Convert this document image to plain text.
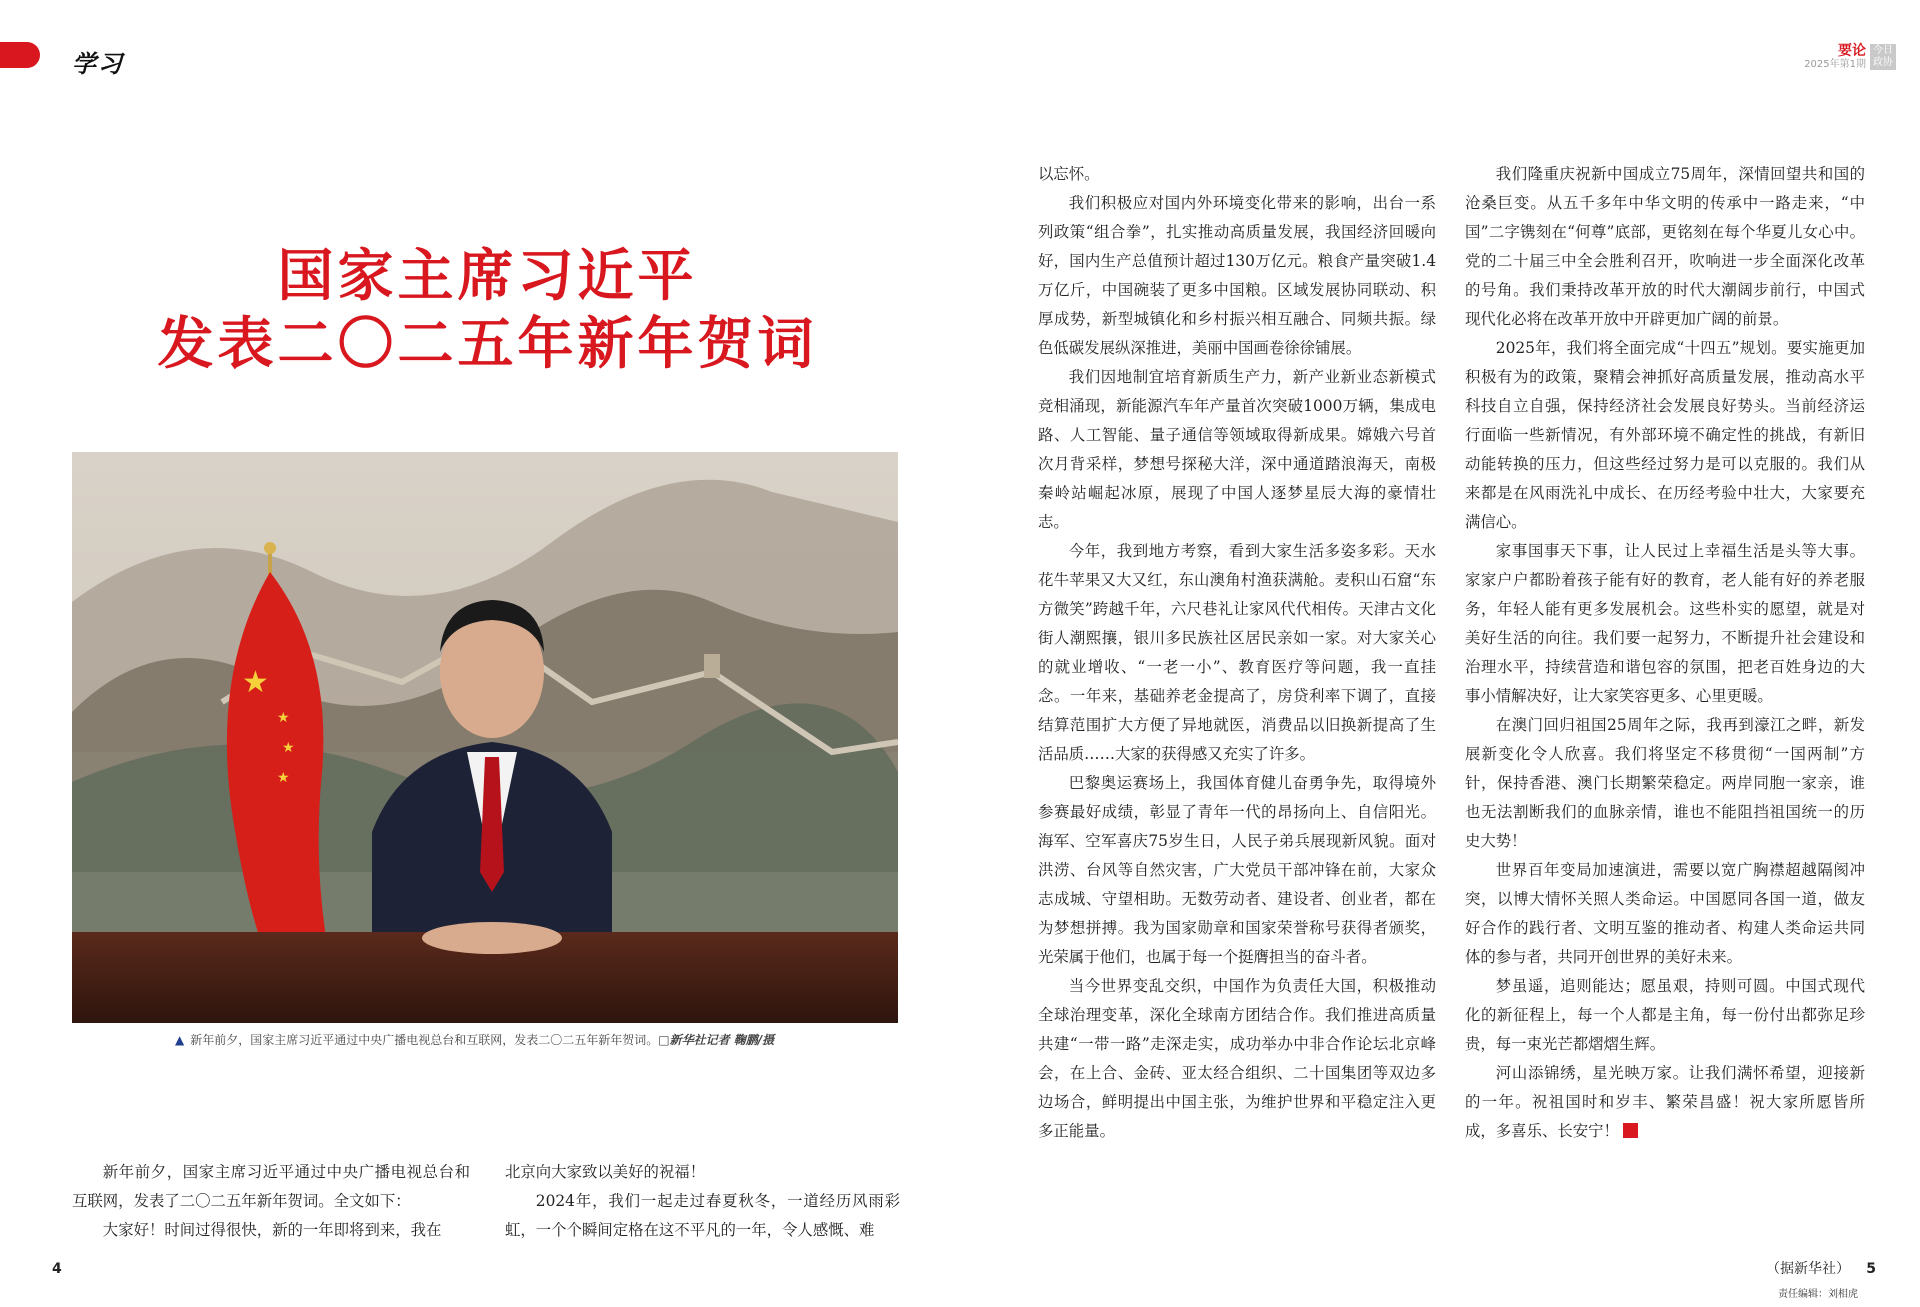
学习	要论
2025年第1期
今日 政协
国家主席习近平
发表二〇二五年新年贺词
★
★
★
★
▲ 新年前夕，国家主席习近平通过中央广播电视总台和互联网，发表二〇二五年新年贺词。□新华社记者 鞠鹏/摄

新年前夕，国家主席习近平通过中央广播电视总台和互联网，发表了二〇二五年新年贺词。全文如下：

大家好！时间过得很快，新的一年即将到来，我在

北京向大家致以美好的祝福！

2024年，我们一起走过春夏秋冬，一道经历风雨彩虹，一个个瞬间定格在这不平凡的一年，令人感慨、难

以忘怀。

我们积极应对国内外环境变化带来的影响，出台一系列政策“组合拳”，扎实推动高质量发展，我国经济回暖向好，国内生产总值预计超过130万亿元。粮食产量突破1.4万亿斤，中国碗装了更多中国粮。区域发展协同联动、积厚成势，新型城镇化和乡村振兴相互融合、同频共振。绿色低碳发展纵深推进，美丽中国画卷徐徐铺展。

我们因地制宜培育新质生产力，新产业新业态新模式竞相涌现，新能源汽车年产量首次突破1000万辆，集成电路、人工智能、量子通信等领域取得新成果。嫦娥六号首次月背采样，梦想号探秘大洋，深中通道踏浪海天，南极秦岭站崛起冰原，展现了中国人逐梦星辰大海的豪情壮志。

今年，我到地方考察，看到大家生活多姿多彩。天水花牛苹果又大又红，东山澳角村渔获满舱。麦积山石窟“东方微笑”跨越千年，六尺巷礼让家风代代相传。天津古文化街人潮熙攘，银川多民族社区居民亲如一家。对大家关心的就业增收、“一老一小”、教育医疗等问题，我一直挂念。一年来，基础养老金提高了，房贷利率下调了，直接结算范围扩大方便了异地就医，消费品以旧换新提高了生活品质……大家的获得感又充实了许多。

巴黎奥运赛场上，我国体育健儿奋勇争先，取得境外参赛最好成绩，彰显了青年一代的昂扬向上、自信阳光。海军、空军喜庆75岁生日，人民子弟兵展现新风貌。面对洪涝、台风等自然灾害，广大党员干部冲锋在前，大家众志成城、守望相助。无数劳动者、建设者、创业者，都在为梦想拼搏。我为国家勋章和国家荣誉称号获得者颁奖，光荣属于他们，也属于每一个挺膺担当的奋斗者。

当今世界变乱交织，中国作为负责任大国，积极推动全球治理变革，深化全球南方团结合作。我们推进高质量共建“一带一路”走深走实，成功举办中非合作论坛北京峰会，在上合、金砖、亚太经合组织、二十国集团等双边多边场合，鲜明提出中国主张，为维护世界和平稳定注入更多正能量。

我们隆重庆祝新中国成立75周年，深情回望共和国的沧桑巨变。从五千多年中华文明的传承中一路走来，“中国”二字镌刻在“何尊”底部，更铭刻在每个华夏儿女心中。党的二十届三中全会胜利召开，吹响进一步全面深化改革的号角。我们秉持改革开放的时代大潮阔步前行，中国式现代化必将在改革开放中开辟更加广阔的前景。

2025年，我们将全面完成“十四五”规划。要实施更加积极有为的政策，聚精会神抓好高质量发展，推动高水平科技自立自强，保持经济社会发展良好势头。当前经济运行面临一些新情况，有外部环境不确定性的挑战，有新旧动能转换的压力，但这些经过努力是可以克服的。我们从来都是在风雨洗礼中成长、在历经考验中壮大，大家要充满信心。

家事国事天下事，让人民过上幸福生活是头等大事。家家户户都盼着孩子能有好的教育，老人能有好的养老服务，年轻人能有更多发展机会。这些朴实的愿望，就是对美好生活的向往。我们要一起努力，不断提升社会建设和治理水平，持续营造和谐包容的氛围，把老百姓身边的大事小情解决好，让大家笑容更多、心里更暖。

在澳门回归祖国25周年之际，我再到濠江之畔，新发展新变化令人欣喜。我们将坚定不移贯彻“一国两制”方针，保持香港、澳门长期繁荣稳定。两岸同胞一家亲，谁也无法割断我们的血脉亲情，谁也不能阻挡祖国统一的历史大势！

世界百年变局加速演进，需要以宽广胸襟超越隔阂冲突，以博大情怀关照人类命运。中国愿同各国一道，做友好合作的践行者、文明互鉴的推动者、构建人类命运共同体的参与者，共同开创世界的美好未来。

梦虽遥，追则能达；愿虽艰，持则可圆。中国式现代化的新征程上，每一个人都是主角，每一份付出都弥足珍贵，每一束光芒都熠熠生辉。

河山添锦绣，星光映万家。让我们满怀希望，迎接新的一年。祝祖国时和岁丰、繁荣昌盛！祝大家所愿皆所成，多喜乐、长安宁！

（据新华社）
责任编辑：刘相虎
4	5
